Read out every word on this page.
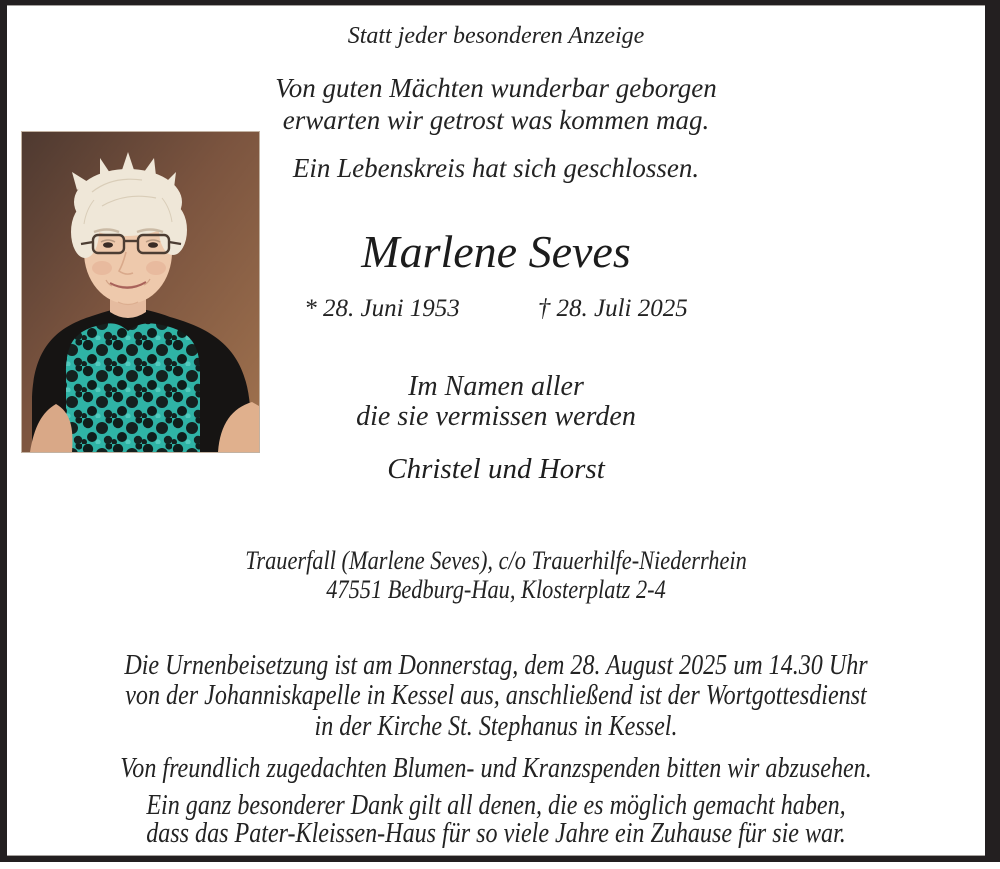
Statt jeder besonderen Anzeige
Von guten Mächten wunderbar geborgen
erwarten wir getrost was kommen mag.
Ein Lebenskreis hat sich geschlossen.
Marlene Seves
* 28. Juni 1953	† 28. Juli 2025
Im Namen aller
die sie vermissen werden
Christel und Horst
Trauerfall (Marlene Seves), c/o Trauerhilfe-Niederrhein
47551 Bedburg-Hau, Klosterplatz 2-4
Die Urnenbeisetzung ist am Donnerstag, dem 28. August 2025 um 14.30 Uhr
von der Johanniskapelle in Kessel aus, anschließend ist der Wortgottesdienst
in der Kirche St. Stephanus in Kessel.
Von freundlich zugedachten Blumen- und Kranzspenden bitten wir abzusehen.
Ein ganz besonderer Dank gilt all denen, die es möglich gemacht haben,
dass das Pater-Kleissen-Haus für so viele Jahre ein Zuhause für sie war.
